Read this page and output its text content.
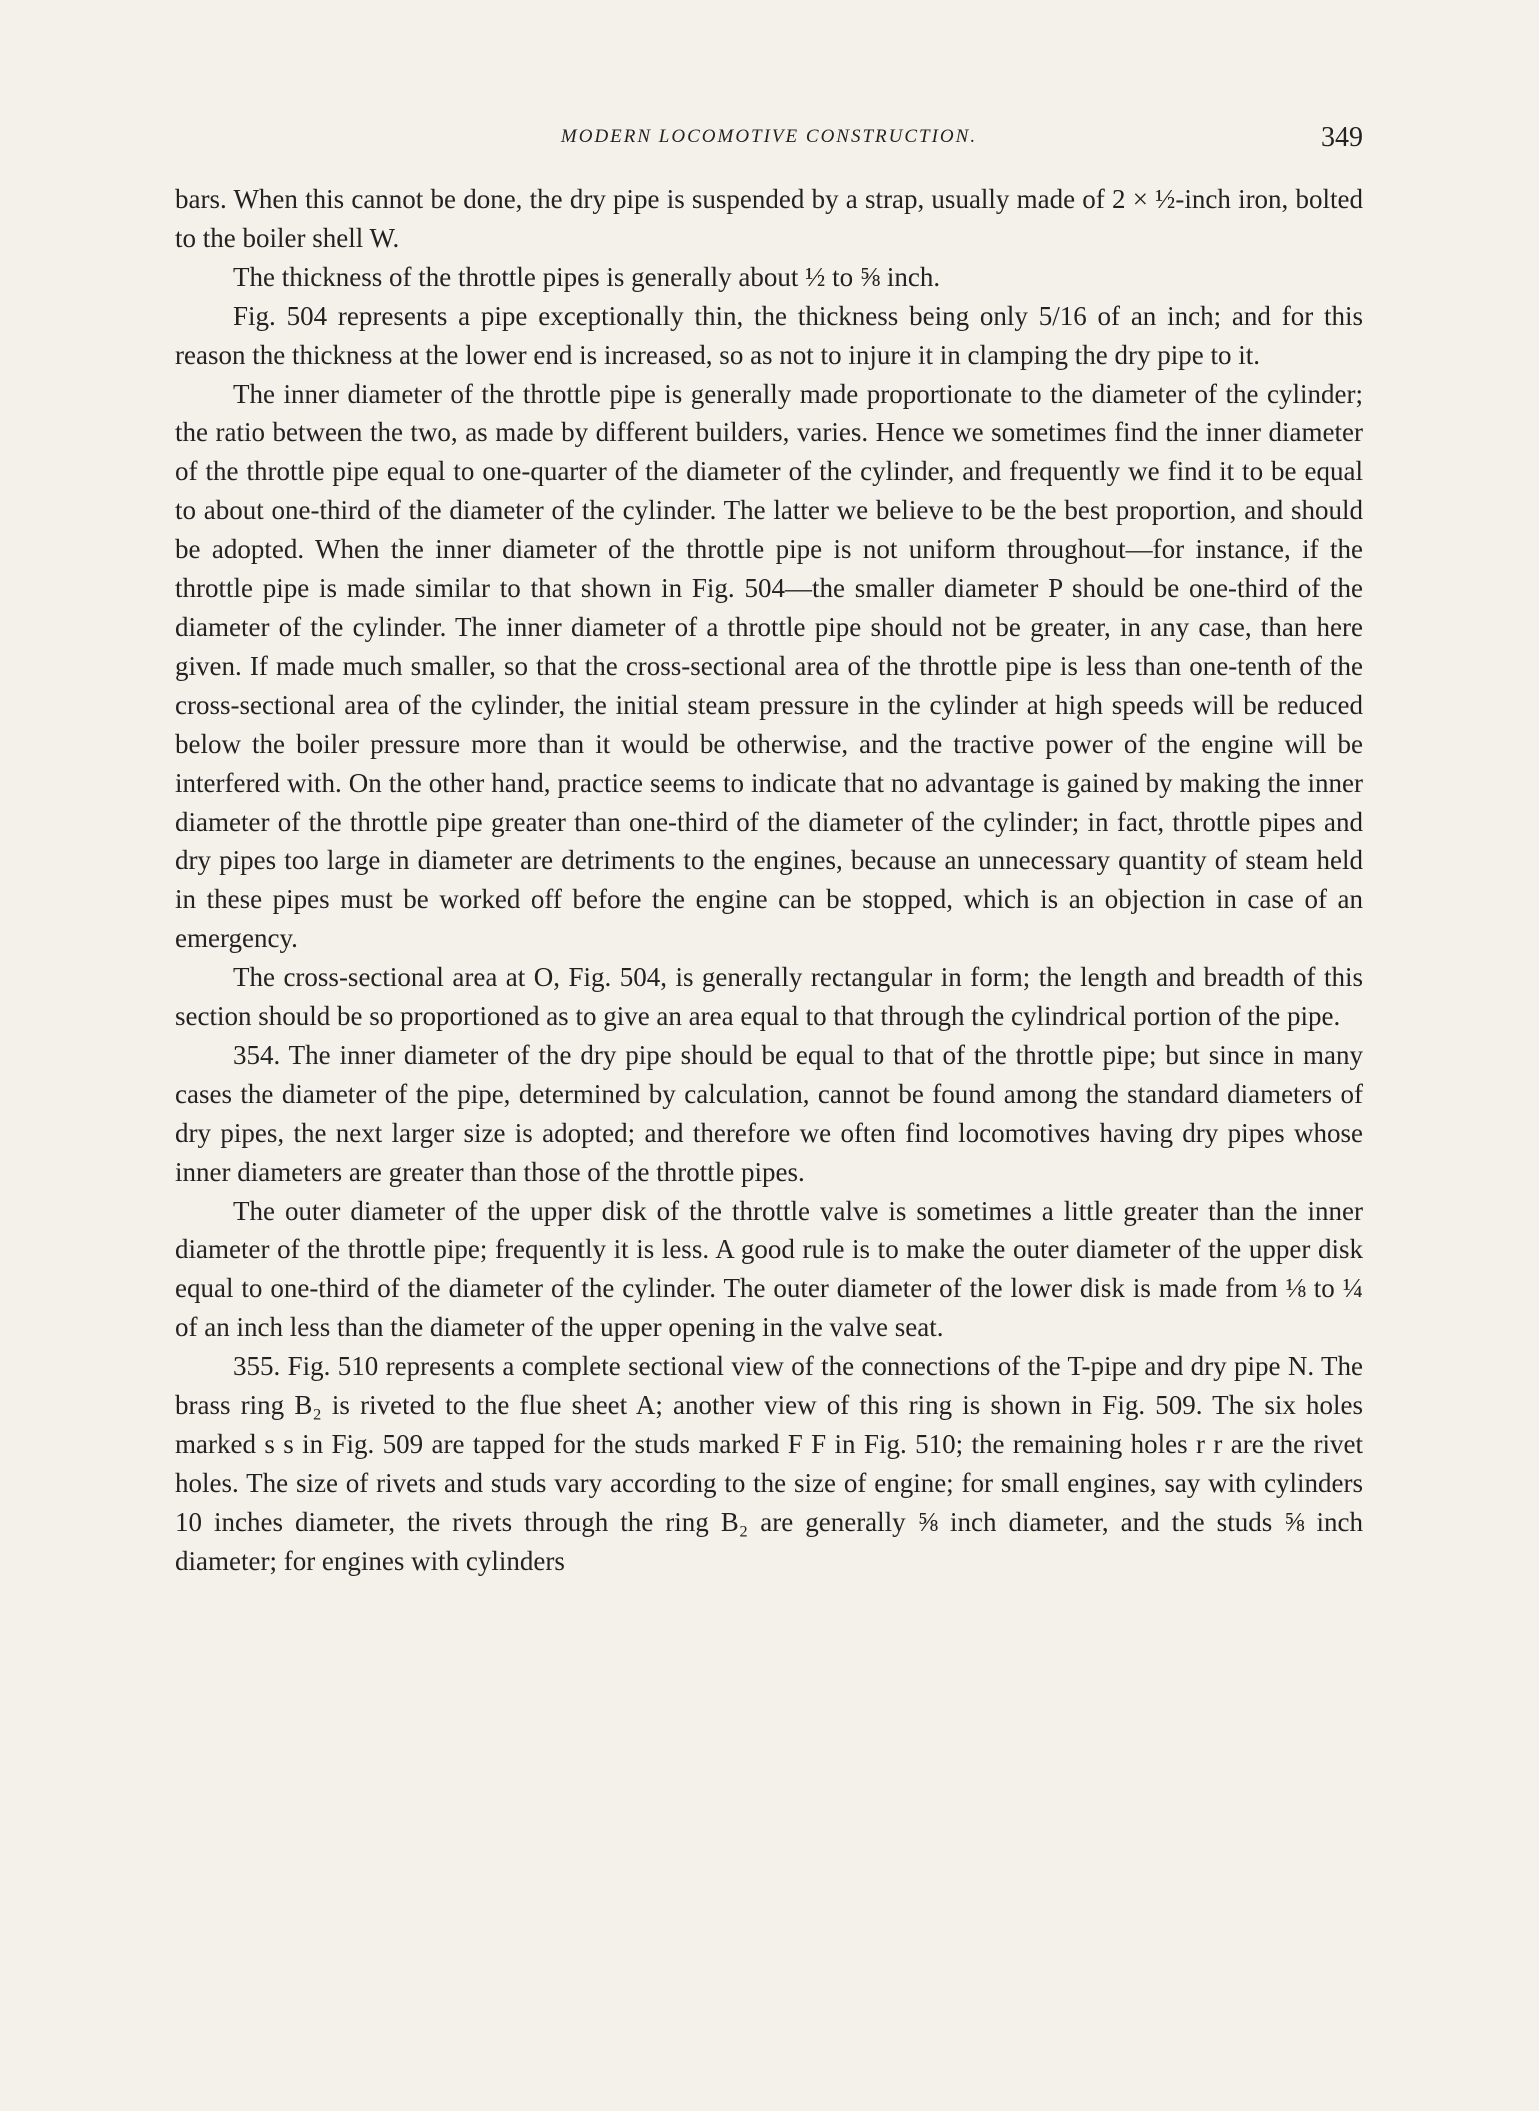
MODERN LOCOMOTIVE CONSTRUCTION.	349

bars. When this cannot be done, the dry pipe is suspended by a strap, usually made of 2 × ½-inch iron, bolted to the boiler shell W.

The thickness of the throttle pipes is generally about ½ to ⅝ inch.

Fig. 504 represents a pipe exceptionally thin, the thickness being only 5/16 of an inch; and for this reason the thickness at the lower end is increased, so as not to injure it in clamping the dry pipe to it.

The inner diameter of the throttle pipe is generally made proportionate to the diameter of the cylinder; the ratio between the two, as made by different builders, varies. Hence we sometimes find the inner diameter of the throttle pipe equal to one-quarter of the diameter of the cylinder, and frequently we find it to be equal to about one-third of the diameter of the cylinder. The latter we believe to be the best proportion, and should be adopted. When the inner diameter of the throttle pipe is not uniform throughout—for instance, if the throttle pipe is made similar to that shown in Fig. 504—the smaller diameter P should be one-third of the diameter of the cylinder. The inner diameter of a throttle pipe should not be greater, in any case, than here given. If made much smaller, so that the cross-sectional area of the throttle pipe is less than one-tenth of the cross-sectional area of the cylinder, the initial steam pressure in the cylinder at high speeds will be reduced below the boiler pressure more than it would be otherwise, and the tractive power of the engine will be interfered with. On the other hand, practice seems to indicate that no advantage is gained by making the inner diameter of the throttle pipe greater than one-third of the diameter of the cylinder; in fact, throttle pipes and dry pipes too large in diameter are detriments to the engines, because an unnecessary quantity of steam held in these pipes must be worked off before the engine can be stopped, which is an objection in case of an emergency.

The cross-sectional area at O, Fig. 504, is generally rectangular in form; the length and breadth of this section should be so proportioned as to give an area equal to that through the cylindrical portion of the pipe.

354. The inner diameter of the dry pipe should be equal to that of the throttle pipe; but since in many cases the diameter of the pipe, determined by calculation, cannot be found among the standard diameters of dry pipes, the next larger size is adopted; and therefore we often find locomotives having dry pipes whose inner diameters are greater than those of the throttle pipes.

The outer diameter of the upper disk of the throttle valve is sometimes a little greater than the inner diameter of the throttle pipe; frequently it is less. A good rule is to make the outer diameter of the upper disk equal to one-third of the diameter of the cylinder. The outer diameter of the lower disk is made from ⅛ to ¼ of an inch less than the diameter of the upper opening in the valve seat.

355. Fig. 510 represents a complete sectional view of the connections of the T-pipe and dry pipe N. The brass ring B₂ is riveted to the flue sheet A; another view of this ring is shown in Fig. 509. The six holes marked s s in Fig. 509 are tapped for the studs marked F F in Fig. 510; the remaining holes r r are the rivet holes. The size of rivets and studs vary according to the size of engine; for small engines, say with cylinders 10 inches diameter, the rivets through the ring B₂ are generally ⅝ inch diameter, and the studs ⅝ inch diameter; for engines with cylinders
